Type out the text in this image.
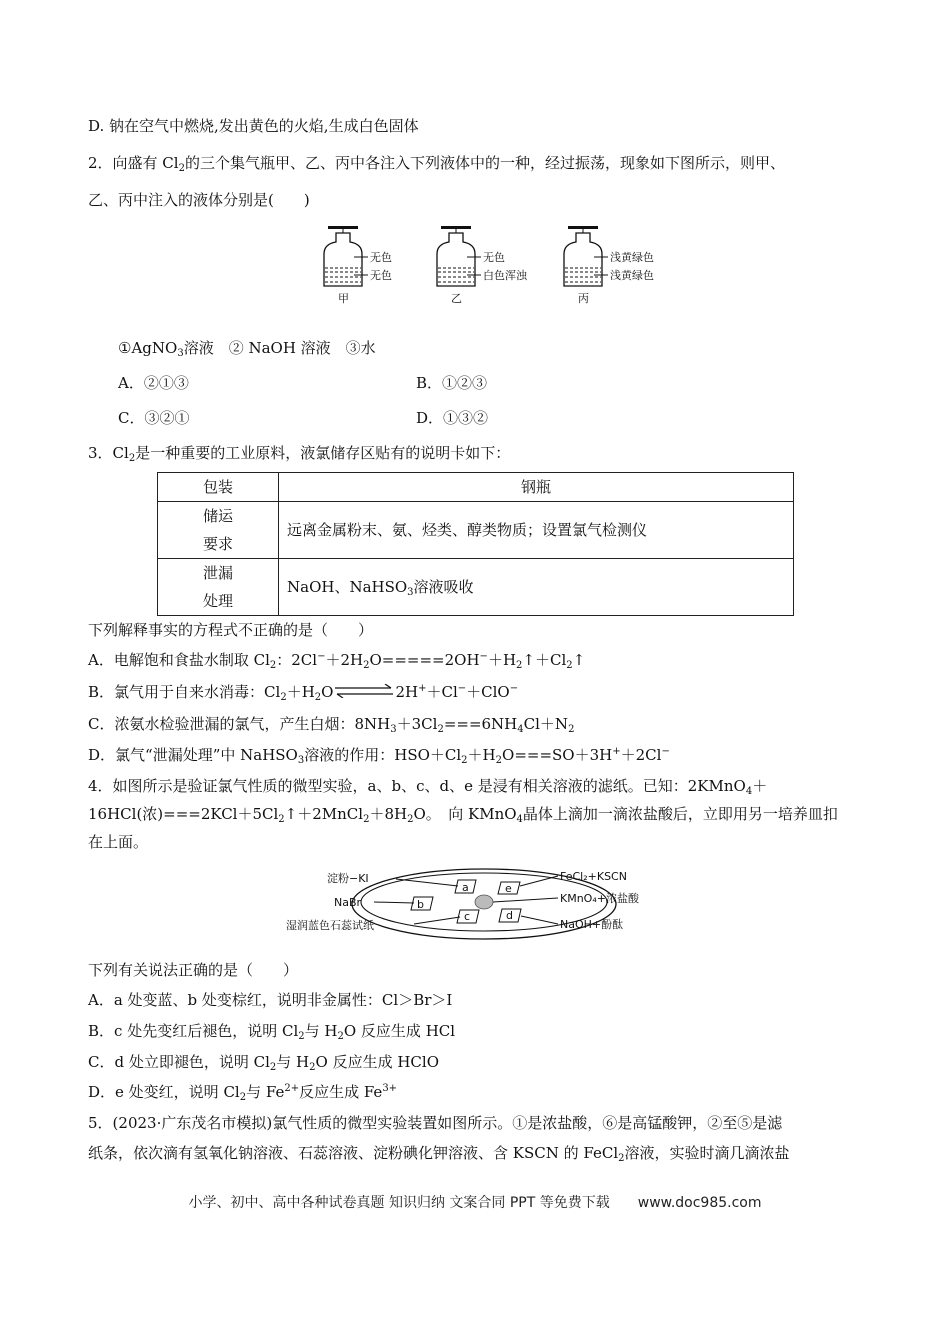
D. 钠在空气中燃烧,发出黄色的火焰,生成白色固体
2．向盛有 $Cl_2$的三个集气瓶甲、乙、丙中各注入下列液体中的一种，经过振荡，现象如下图所示，则甲、
乙、丙中注入的液体分别是(　　)
无色
无色
甲
无色
白色浑浊
乙
浅黄绿色
浅黄绿色
丙
①AgNO$_3$溶液　② NaOH 溶液　③水
A．②①③	B．①②③
C．③②①	D．①③②
3．$Cl_2$是一种重要的工业原料，液氯储存区贴有的说明卡如下：
包装	钢瓶

储运
要求	远离金属粉末、氨、烃类、醇类物质；设置氯气检测仪

泄漏
处理	NaOH、NaHSO$_3$溶液吸收
下列解释事实的方程式不正确的是（　　）
A．电解饱和食盐水制取 $Cl_2$：$2Cl^-+2H_2O=====2OH^-+H_2↑+Cl_2↑$
B．氯气用于自来水消毒：$Cl_2+H_2O$	2H+＋Cl−＋ClO−
C．浓氨水检验泄漏的氯气，产生白烟：$8NH_3+3Cl_2===6NH_4Cl+N_2$
D．氯气“泄漏处理”中 NaHSO$_3$溶液的作用：$HSO+Cl_2+H_2O===SO+3H^++2Cl^-$
4．如图所示是验证氯气性质的微型实验，a、b、c、d、e 是浸有相关溶液的滤纸。已知：2KMnO$_4$＋
16HCl(浓)$===2KCl+5Cl_2↑+2MnCl_2+8H_2O$。　向 KMnO$_4$晶体上滴加一滴浓盐酸后，立即用另一培养皿扣
在上面。
a	e
b
c	d
淀粉−KI
NaBr
湿润蓝色石蕊试纸
FeCl₂+KSCN
KMnO₄+浓盐酸
NaOH+酚酞
下列有关说法正确的是（　　）
A．a 处变蓝、b 处变棕红，说明非金属性：Cl＞Br＞I
B．c 处先变红后褪色，说明 $Cl_2$与 $H_2O$ 反应生成 HCl
C．d 处立即褪色，说明 $Cl_2$与 $H_2O$ 反应生成 HClO
D．e 处变红，说明 $Cl_2$与 $Fe^{2+}$反应生成 $Fe^{3+}$
5．(2023·广东茂名市模拟)氯气性质的微型实验装置如图所示。①是浓盐酸，⑥是高锰酸钾，②至⑤是滤
纸条，依次滴有氢氧化钠溶液、石蕊溶液、淀粉碘化钾溶液、含 KSCN 的 FeCl$_2$溶液，实验时滴几滴浓盐
小学、初中、高中各种试卷真题 知识归纳 文案合同 PPT 等免费下载 www.doc985.com
